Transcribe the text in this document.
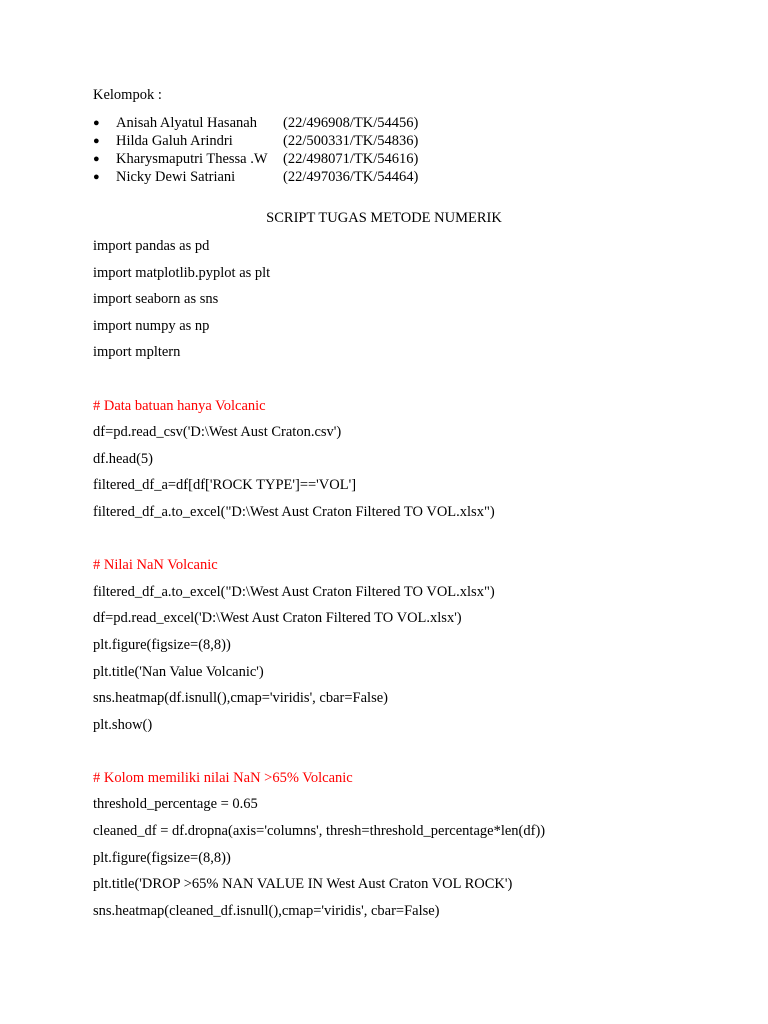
Kelompok :
● Anisah Alyatul Hasanah (22/496908/TK/54456)
● Hilda Galuh Arindri	(22/500331/TK/54836)
● Kharysmaputri Thessa .W (22/498071/TK/54616)
● Nicky Dewi Satriani	(22/497036/TK/54464)
SCRIPT TUGAS METODE NUMERIK
import pandas as pd
import matplotlib.pyplot as plt
import seaborn as sns
import numpy as np
import mpltern
# Data batuan hanya Volcanic
df=pd.read_csv('D:\West Aust Craton.csv')
df.head(5)
filtered_df_a=df[df['ROCK TYPE']=='VOL']
filtered_df_a.to_excel("D:\West Aust Craton Filtered TO VOL.xlsx")
# Nilai NaN Volcanic
filtered_df_a.to_excel("D:\West Aust Craton Filtered TO VOL.xlsx")
df=pd.read_excel('D:\West Aust Craton Filtered TO VOL.xlsx')
plt.figure(figsize=(8,8))
plt.title('Nan Value Volcanic')
sns.heatmap(df.isnull(),cmap='viridis', cbar=False)
plt.show()
# Kolom memiliki nilai NaN >65% Volcanic
threshold_percentage = 0.65
cleaned_df = df.dropna(axis='columns', thresh=threshold_percentage*len(df))
plt.figure(figsize=(8,8))
plt.title('DROP >65% NAN VALUE IN West Aust Craton VOL ROCK')
sns.heatmap(cleaned_df.isnull(),cmap='viridis', cbar=False)
